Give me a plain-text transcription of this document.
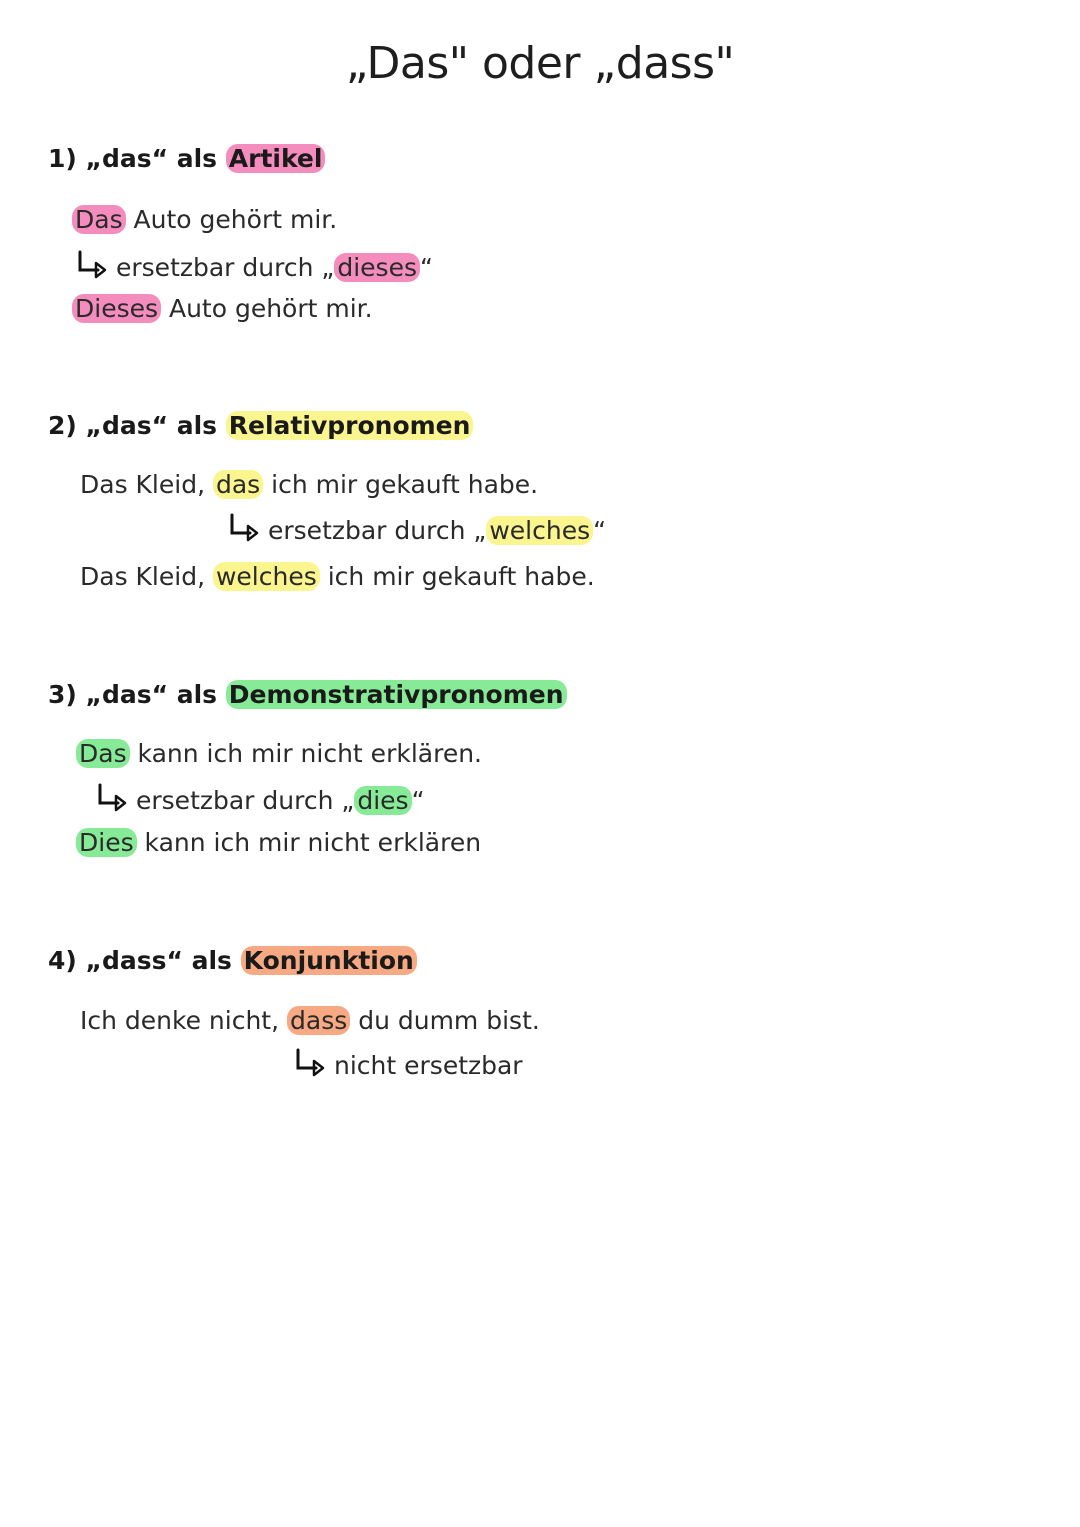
„Das" oder „dass"
1) „das“ als Artikel
Das Auto gehört mir.
ersetzbar durch „ dieses “
Dieses Auto gehört mir.
2) „das“ als Relativpronomen
Das Kleid, das ich mir gekauft habe.
ersetzbar durch „ welches “
Das Kleid, welches ich mir gekauft habe.
3) „das“ als Demonstrativpronomen
Das kann ich mir nicht erklären.
ersetzbar durch „ dies “
Dies kann ich mir nicht erklären
4) „dass“ als Konjunktion
Ich denke nicht, dass du dumm bist.
nicht ersetzbar
